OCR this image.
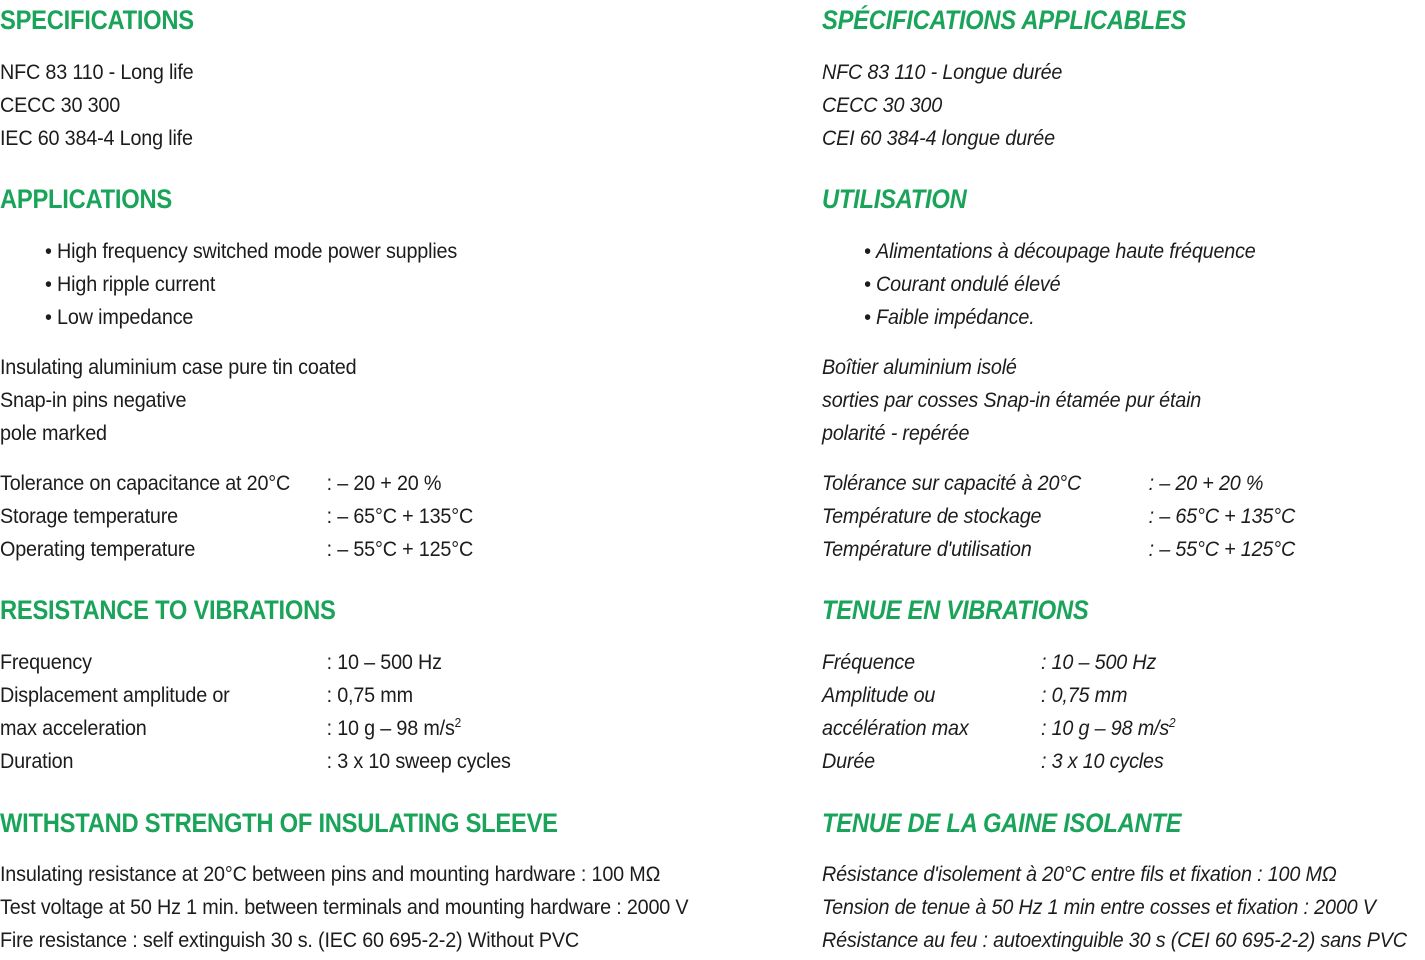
SPECIFICATIONS
NFC 83 110 - Long life
CECC 30 300
IEC 60 384-4 Long life
APPLICATIONS
• High frequency switched mode power supplies
• High ripple current
• Low impedance
Insulating aluminium case pure tin coated
Snap-in pins negative
pole marked
Tolerance on capacitance at 20°C : – 20 + 20 %
Storage temperature	: – 65°C + 135°C
Operating temperature	: – 55°C + 125°C
RESISTANCE TO VIBRATIONS
Frequency	: 10 – 500 Hz
Displacement amplitude or	: 0,75 mm
max acceleration	: 10 g – 98 $m/s^2$
Duration	: 3 x 10 sweep cycles
WITHSTAND STRENGTH OF INSULATING SLEEVE
Insulating resistance at 20°C between pins and mounting hardware : 100 MΩ
Test voltage at 50 Hz 1 min. between terminals and mounting hardware : 2000 V
Fire resistance : self extinguish 30 s. (IEC 60 695-2-2) Without PVC
SPÉCIFICATIONS APPLICABLES
NFC 83 110 - Longue durée
CECC 30 300
CEI 60 384-4 longue durée
UTILISATION
• Alimentations à découpage haute fréquence
• Courant ondulé élevé
• Faible impédance.
Boîtier aluminium isolé
sorties par cosses Snap-in étamée pur étain
polarité - repérée
Tolérance sur capacité à 20°C	: – 20 + 20 %
Température de stockage	: – 65°C + 135°C
Température d'utilisation	: – 55°C + 125°C
TENUE EN VIBRATIONS
Fréquence	: 10 – 500 Hz
Amplitude ou	: 0,75 mm
accélération max	: 10 g – 98 $m/s^2$
Durée	: 3 x 10 cycles
TENUE DE LA GAINE ISOLANTE
Résistance d'isolement à 20°C entre fils et fixation : 100 MΩ
Tension de tenue à 50 Hz 1 min entre cosses et fixation : 2000 V
Résistance au feu : autoextinguible 30 s (CEI 60 695-2-2) sans PVC
